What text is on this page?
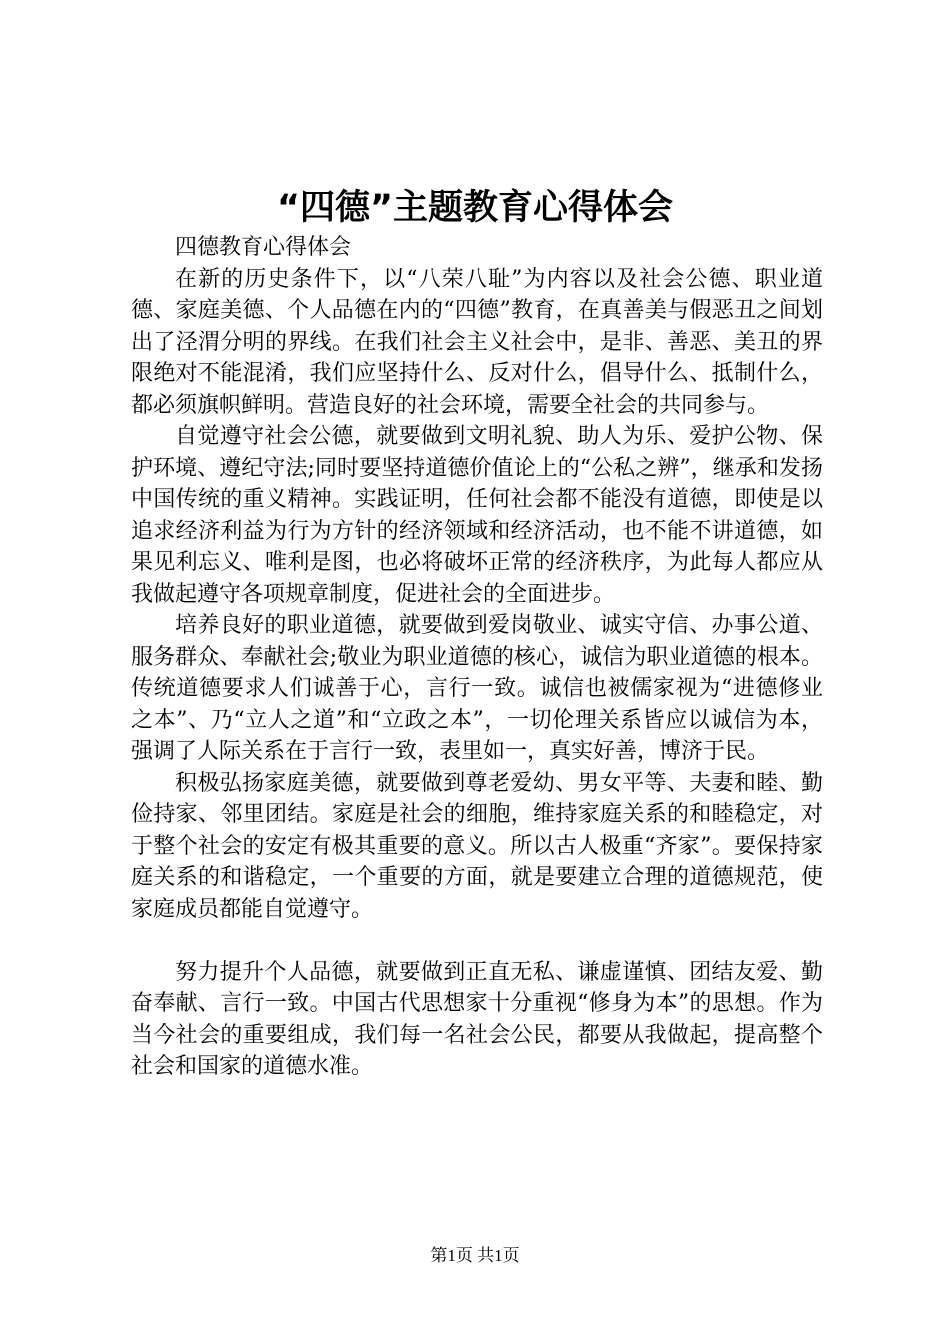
“四德”主题教育心得体会

四德教育心得体会

在新的历史条件下，以“八荣八耻”为内容以及社会公德、职业道德、家庭美德、个人品德在内的“四德”教育，在真善美与假恶丑之间划出了泾渭分明的界线。在我们社会主义社会中，是非、善恶、美丑的界限绝对不能混淆，我们应坚持什么、反对什么，倡导什么、抵制什么，都必须旗帜鲜明。营造良好的社会环境，需要全社会的共同参与。

自觉遵守社会公德，就要做到文明礼貌、助人为乐、爱护公物、保护环境、遵纪守法;同时要坚持道德价值论上的“公私之辨”，继承和发扬中国传统的重义精神。实践证明，任何社会都不能没有道德，即使是以追求经济利益为行为方针的经济领域和经济活动，也不能不讲道德，如果见利忘义、唯利是图，也必将破坏正常的经济秩序，为此每人都应从我做起遵守各项规章制度，促进社会的全面进步。

培养良好的职业道德，就要做到爱岗敬业、诚实守信、办事公道、服务群众、奉献社会;敬业为职业道德的核心，诚信为职业道德的根本。传统道德要求人们诚善于心，言行一致。诚信也被儒家视为“进德修业之本”、乃“立人之道”和“立政之本”，一切伦理关系皆应以诚信为本，强调了人际关系在于言行一致，表里如一，真实好善，博济于民。

积极弘扬家庭美德，就要做到尊老爱幼、男女平等、夫妻和睦、勤俭持家、邻里团结。家庭是社会的细胞，维持家庭关系的和睦稳定，对于整个社会的安定有极其重要的意义。所以古人极重“齐家”。要保持家庭关系的和谐稳定，一个重要的方面，就是要建立合理的道德规范，使家庭成员都能自觉遵守。

努力提升个人品德，就要做到正直无私、谦虚谨慎、团结友爱、勤奋奉献、言行一致。中国古代思想家十分重视“修身为本”的思想。作为当今社会的重要组成，我们每一名社会公民，都要从我做起，提高整个社会和国家的道德水准。

第1页 共1页
